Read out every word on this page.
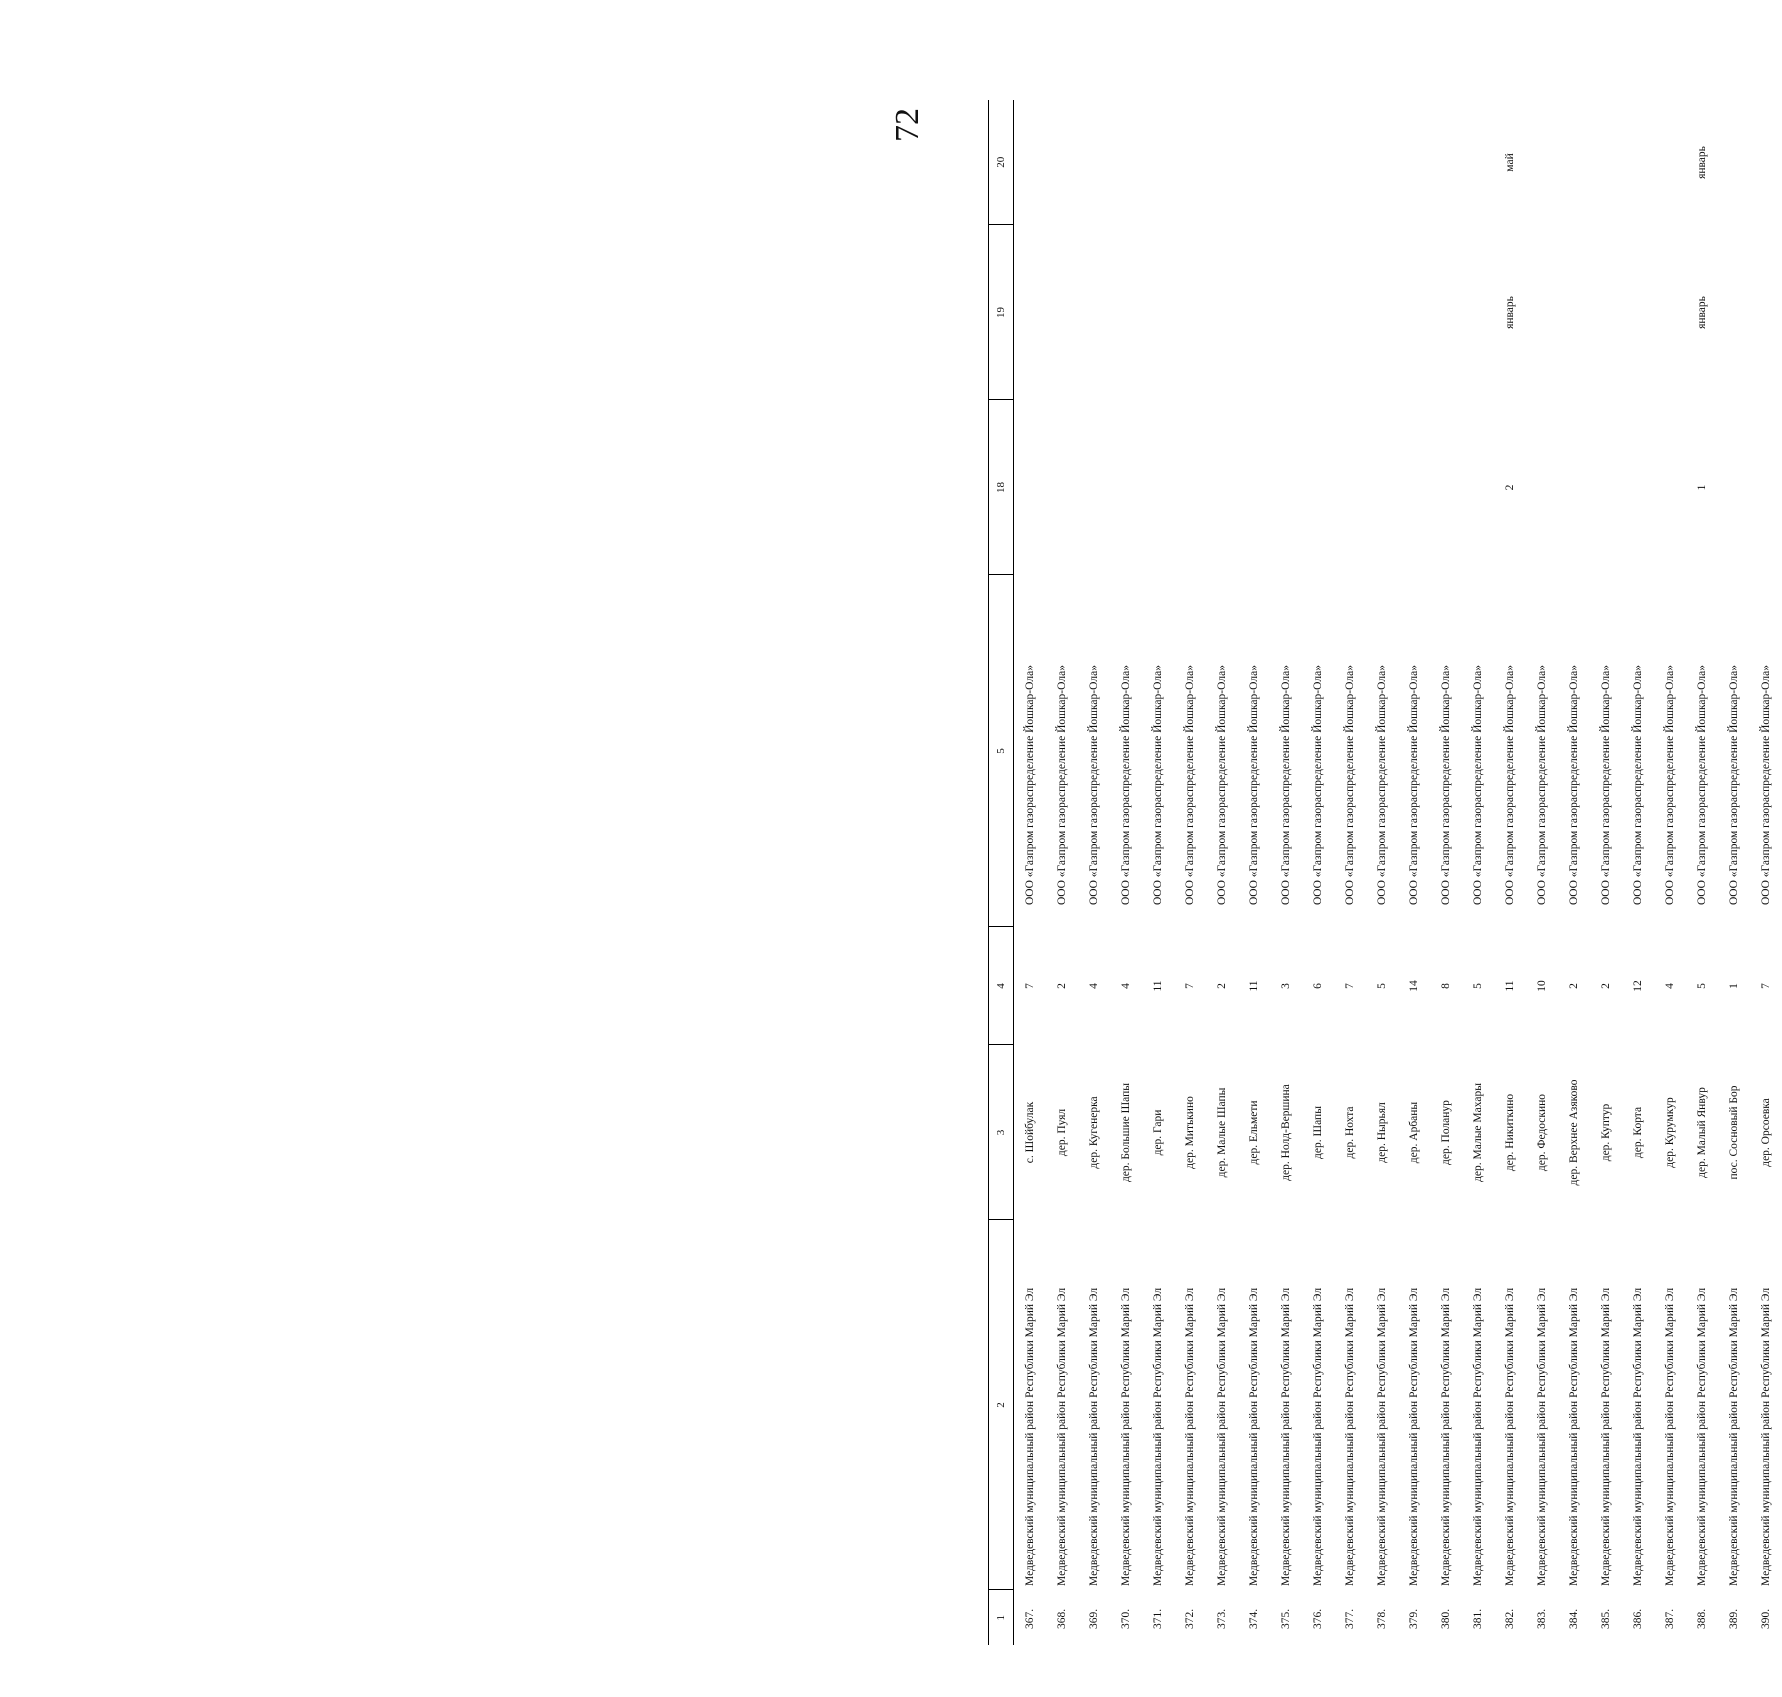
72
1	2	3	4	5	18	19	20
367.	Медведевский муниципальный район Республики Марий Эл	с. Шойбулак	7	ООО «Газпром газораспределение Йошкар-Ола»			
368.	Медведевский муниципальный район Республики Марий Эл	дер. Пуял	2	ООО «Газпром газораспределение Йошкар-Ола»			
369.	Медведевский муниципальный район Республики Марий Эл	дер. Кугенерка	4	ООО «Газпром газораспределение Йошкар-Ола»			
370.	Медведевский муниципальный район Республики Марий Эл	дер. Большие Шапы	4	ООО «Газпром газораспределение Йошкар-Ола»			
371.	Медведевский муниципальный район Республики Марий Эл	дер. Гари	11	ООО «Газпром газораспределение Йошкар-Ола»			
372.	Медведевский муниципальный район Республики Марий Эл	дер. Митькино	7	ООО «Газпром газораспределение Йошкар-Ола»			
373.	Медведевский муниципальный район Республики Марий Эл	дер. Малые Шапы	2	ООО «Газпром газораспределение Йошкар-Ола»			
374.	Медведевский муниципальный район Республики Марий Эл	дер. Ельмети	11	ООО «Газпром газораспределение Йошкар-Ола»			
375.	Медведевский муниципальный район Республики Марий Эл	дер. Нолд-Вершина	3	ООО «Газпром газораспределение Йошкар-Ола»			
376.	Медведевский муниципальный район Республики Марий Эл	дер. Шапы	6	ООО «Газпром газораспределение Йошкар-Ола»			
377.	Медведевский муниципальный район Республики Марий Эл	дер. Нохта	7	ООО «Газпром газораспределение Йошкар-Ола»			
378.	Медведевский муниципальный район Республики Марий Эл	дер. Нырьял	5	ООО «Газпром газораспределение Йошкар-Ола»			
379.	Медведевский муниципальный район Республики Марий Эл	дер. Арбаны	14	ООО «Газпром газораспределение Йошкар-Ола»			
380.	Медведевский муниципальный район Республики Марий Эл	дер. Поланур	8	ООО «Газпром газораспределение Йошкар-Ола»			
381.	Медведевский муниципальный район Республики Марий Эл	дер. Малые Махары	5	ООО «Газпром газораспределение Йошкар-Ола»			
382.	Медведевский муниципальный район Республики Марий Эл	дер. Никиткино	11	ООО «Газпром газораспределение Йошкар-Ола»	2	январь	май
383.	Медведевский муниципальный район Республики Марий Эл	дер. Федоскино	10	ООО «Газпром газораспределение Йошкар-Ола»			
384.	Медведевский муниципальный район Республики Марий Эл	дер. Верхнее Азяково	2	ООО «Газпром газораспределение Йошкар-Ола»			
385.	Медведевский муниципальный район Республики Марий Эл	дер. Куптур	2	ООО «Газпром газораспределение Йошкар-Ола»			
386.	Медведевский муниципальный район Республики Марий Эл	дер. Корта	12	ООО «Газпром газораспределение Йошкар-Ола»			
387.	Медведевский муниципальный район Республики Марий Эл	дер. Курумкур	4	ООО «Газпром газораспределение Йошкар-Ола»			
388.	Медведевский муниципальный район Республики Марий Эл	дер. Малый Янвур	5	ООО «Газпром газораспределение Йошкар-Ола»	1	январь	январь
389.	Медведевский муниципальный район Республики Марий Эл	пос. Сосновый Бор	1	ООО «Газпром газораспределение Йошкар-Ола»			
390.	Медведевский муниципальный район Республики Марий Эл	дер. Орсоевка	7	ООО «Газпром газораспределение Йошкар-Ола»			
